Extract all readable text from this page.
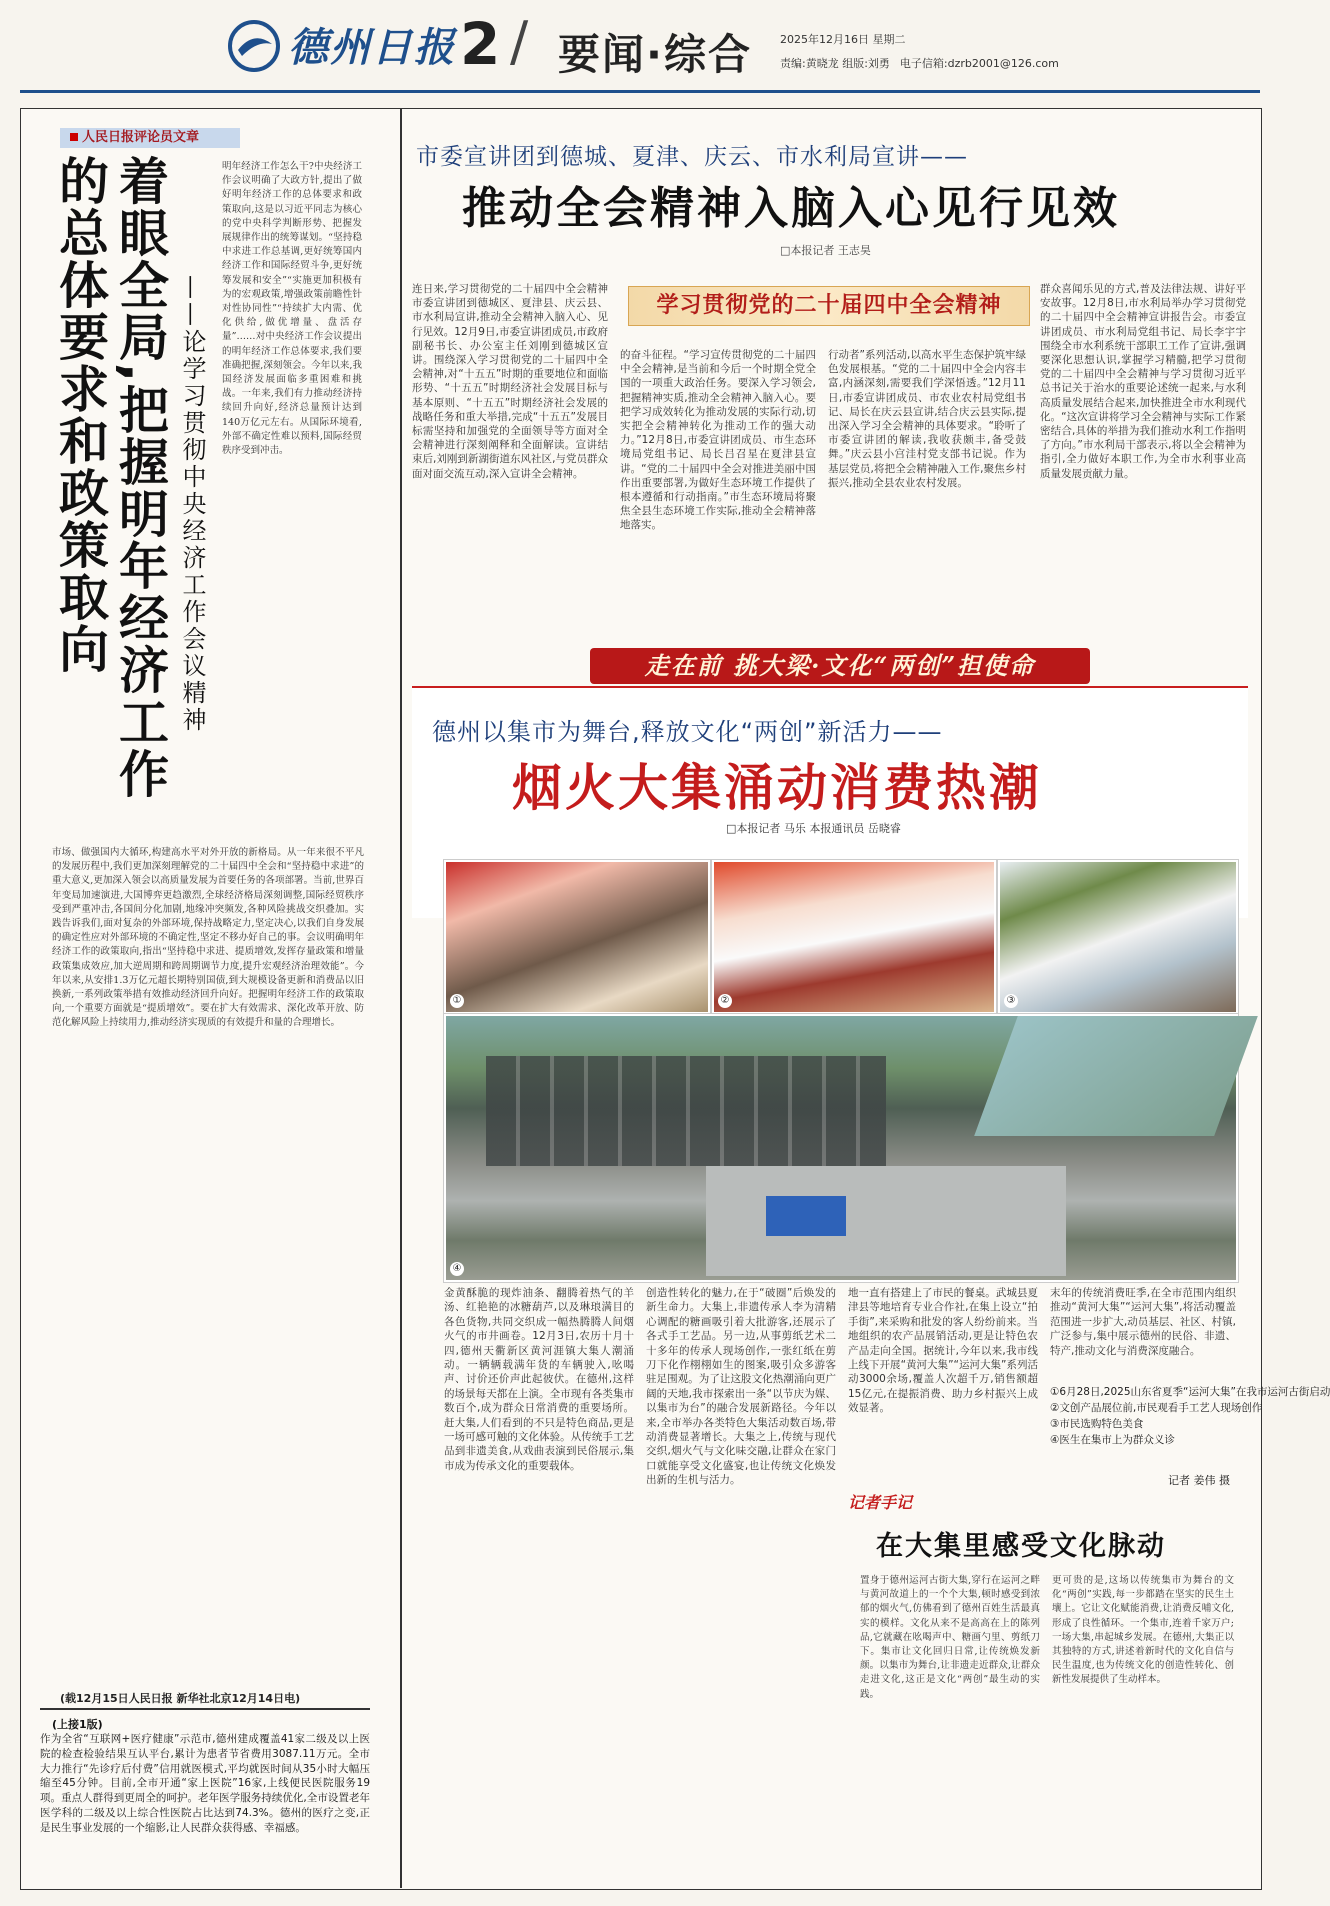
德州日报 2 / 要闻·综合	2025年12月16日 星期二
责编:黄晓龙 组版:刘勇 电子信箱:dzrb2001@126.com
人民日报评论员文章
着眼全局,把握明年经济工作的总体要求和政策取向	——论学习贯彻中央经济工作会议精神
明年经济工作怎么干?中央经济工作会议明确了大政方针,提出了做好明年经济工作的总体要求和政策取向,这是以习近平同志为核心的党中央科学判断形势、把握发展规律作出的统筹谋划。“坚持稳中求进工作总基调,更好统筹国内经济工作和国际经贸斗争,更好统筹发展和安全”“实施更加积极有为的宏观政策,增强政策前瞻性针对性协同性”“持续扩大内需、优化供给,做优增量、盘活存量”……对中央经济工作会议提出的明年经济工作总体要求,我们要准确把握,深刻领会。今年以来,我国经济发展面临多重困难和挑战。一年来,我们有力推动经济持续回升向好,经济总量预计达到140万亿元左右。从国际环境看,外部不确定性难以预料,国际经贸秩序受到冲击。
市场、做强国内大循环,构建高水平对外开放的新格局。从一年来很不平凡的发展历程中,我们更加深刻理解党的二十届四中全会和“坚持稳中求进”的重大意义,更加深入领会以高质量发展为首要任务的各项部署。当前,世界百年变局加速演进,大国博弈更趋激烈,全球经济格局深刻调整,国际经贸秩序受到严重冲击,各国间分化加剧,地缘冲突频发,各种风险挑战交织叠加。实践告诉我们,面对复杂的外部环境,保持战略定力,坚定决心,以我们自身发展的确定性应对外部环境的不确定性,坚定不移办好自己的事。会议明确明年经济工作的政策取向,指出“坚持稳中求进、提质增效,发挥存量政策和增量政策集成效应,加大逆周期和跨周期调节力度,提升宏观经济治理效能”。今年以来,从安排1.3万亿元超长期特别国债,到大规模设备更新和消费品以旧换新,一系列政策举措有效推动经济回升向好。把握明年经济工作的政策取向,一个重要方面就是“提质增效”。要在扩大有效需求、深化改革开放、防范化解风险上持续用力,推动经济实现质的有效提升和量的合理增长。
(载12月15日人民日报 新华社北京12月14日电)
(上接1版)
作为全省“互联网+医疗健康”示范市,德州建成覆盖41家二级及以上医院的检查检验结果互认平台,累计为患者节省费用3087.11万元。全市大力推行“先诊疗后付费”信用就医模式,平均就医时间从35小时大幅压缩至45分钟。目前,全市开通“家上医院”16家,上线便民医院服务19项。重点人群得到更周全的呵护。老年医学服务持续优化,全市设置老年医学科的二级及以上综合性医院占比达到74.3%。德州的医疗之变,正是民生事业发展的一个缩影,让人民群众获得感、幸福感。
市委宣讲团到德城、夏津、庆云、市水利局宣讲——
推动全会精神入脑入心见行见效
□本报记者 王志昊
学习贯彻党的二十届四中全会精神
连日来,学习贯彻党的二十届四中全会精神市委宣讲团到德城区、夏津县、庆云县、市水利局宣讲,推动全会精神入脑入心、见行见效。12月9日,市委宣讲团成员,市政府副秘书长、办公室主任刘刚到德城区宣讲。围绕深入学习贯彻党的二十届四中全会精神,对“十五五”时期的重要地位和面临形势、“十五五”时期经济社会发展目标与基本原则、“十五五”时期经济社会发展的战略任务和重大举措,完成“十五五”发展目标需坚持和加强党的全面领导等方面对全会精神进行深刻阐释和全面解读。宣讲结束后,刘刚到新湖街道东风社区,与党员群众面对面交流互动,深入宣讲全会精神。
的奋斗征程。“学习宣传贯彻党的二十届四中全会精神,是当前和今后一个时期全党全国的一项重大政治任务。要深入学习领会,把握精神实质,推动全会精神入脑入心。要把学习成效转化为推动发展的实际行动,切实把全会精神转化为推动工作的强大动力。”12月8日,市委宣讲团成员、市生态环境局党组书记、局长吕召星在夏津县宣讲。“党的二十届四中全会对推进美丽中国作出重要部署,为做好生态环境工作提供了根本遵循和行动指南。”市生态环境局将聚焦全县生态环境工作实际,推动全会精神落地落实。
行动者”系列活动,以高水平生态保护筑牢绿色发展根基。“党的二十届四中全会内容丰富,内涵深刻,需要我们学深悟透。”12月11日,市委宣讲团成员、市农业农村局党组书记、局长在庆云县宣讲,结合庆云县实际,提出深入学习全会精神的具体要求。“聆听了市委宣讲团的解读,我收获颇丰,备受鼓舞。”庆云县小宫洼村党支部书记说。作为基层党员,将把全会精神融入工作,聚焦乡村振兴,推动全县农业农村发展。
群众喜闻乐见的方式,普及法律法规、讲好平安故事。12月8日,市水利局举办学习贯彻党的二十届四中全会精神宣讲报告会。市委宣讲团成员、市水利局党组书记、局长李宇宇围绕全市水利系统干部职工工作了宣讲,强调要深化思想认识,掌握学习精髓,把学习贯彻党的二十届四中全会精神与学习贯彻习近平总书记关于治水的重要论述统一起来,与水利高质量发展结合起来,加快推进全市水利现代化。“这次宣讲将学习全会精神与实际工作紧密结合,具体的举措为我们推动水利工作指明了方向。”市水利局干部表示,将以全会精神为指引,全力做好本职工作,为全市水利事业高质量发展贡献力量。
走在前 挑大梁·文化“两创”担使命
德州以集市为舞台,释放文化“两创”新活力——
烟火大集涌动消费热潮
□本报记者 马乐 本报通讯员 岳晓睿
①	②	③
④
金黄酥脆的现炸油条、翻腾着热气的羊汤、红艳艳的冰糖葫芦,以及琳琅满目的各色货物,共同交织成一幅热腾腾人间烟火气的市井画卷。12月3日,农历十月十四,德州天衢新区黄河涯镇大集人潮涌动。一辆辆载满年货的车辆驶入,吆喝声、讨价还价声此起彼伏。在德州,这样的场景每天都在上演。全市现有各类集市数百个,成为群众日常消费的重要场所。赶大集,人们看到的不只是特色商品,更是一场可感可触的文化体验。从传统手工艺品到非遗美食,从戏曲表演到民俗展示,集市成为传承文化的重要载体。
创造性转化的魅力,在于“破圈”后焕发的新生命力。大集上,非遗传承人李为清精心调配的糖画吸引着大批游客,还展示了各式手工艺品。另一边,从事剪纸艺术二十多年的传承人现场创作,一张红纸在剪刀下化作栩栩如生的图案,吸引众多游客驻足围观。为了让这股文化热潮涌向更广阔的天地,我市探索出一条“以节庆为媒、以集市为台”的融合发展新路径。今年以来,全市举办各类特色大集活动数百场,带动消费显著增长。大集之上,传统与现代交织,烟火气与文化味交融,让群众在家门口就能享受文化盛宴,也让传统文化焕发出新的生机与活力。
地一直有搭建上了市民的餐桌。武城县夏津县等地培育专业合作社,在集上设立“拍手街”,来采购和批发的客人纷纷前来。当地组织的农产品展销活动,更是让特色农产品走向全国。据统计,今年以来,我市线上线下开展“黄河大集”“运河大集”系列活动3000余场,覆盖人次超千万,销售额超15亿元,在提振消费、助力乡村振兴上成效显著。
末年的传统消费旺季,在全市范围内组织推动“黄河大集”“运河大集”,将活动覆盖范围进一步扩大,动员基层、社区、村镇,广泛参与,集中展示德州的民俗、非遗、特产,推动文化与消费深度融合。
①6月28日,2025山东省夏季“运河大集”在我市运河古街启动
②文创产品展位前,市民观看手工艺人现场创作
③市民选购特色美食
④医生在集市上为群众义诊
记者 姜伟 摄
记者手记
在大集里感受文化脉动
置身于德州运河古街大集,穿行在运河之畔与黄河故道上的一个个大集,顿时感受到浓郁的烟火气,仿佛看到了德州百姓生活最真实的模样。文化从来不是高高在上的陈列品,它就藏在吆喝声中、糖画勺里、剪纸刀下。集市让文化回归日常,让传统焕发新颜。以集市为舞台,让非遗走近群众,让群众走进文化,这正是文化“两创”最生动的实践。
更可贵的是,这场以传统集市为舞台的文化“两创”实践,每一步都踏在坚实的民生土壤上。它让文化赋能消费,让消费反哺文化,形成了良性循环。一个集市,连着千家万户;一场大集,串起城乡发展。在德州,大集正以其独特的方式,讲述着新时代的文化自信与民生温度,也为传统文化的创造性转化、创新性发展提供了生动样本。
